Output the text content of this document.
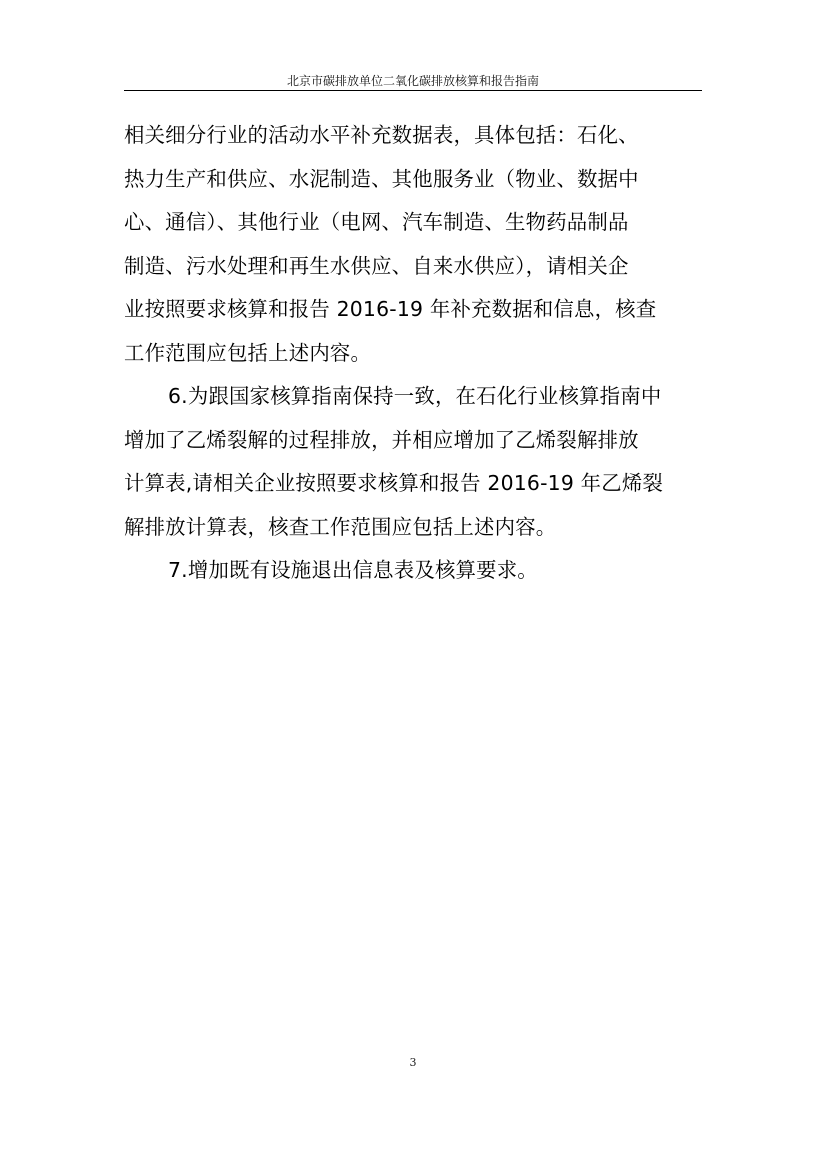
北京市碳排放单位二氧化碳排放核算和报告指南
相关细分行业的活动水平补充数据表，具体包括：石化、
热力生产和供应、水泥制造、其他服务业（物业、数据中
心、通信）、其他行业（电网、汽车制造、生物药品制品
制造、污水处理和再生水供应、自来水供应），请相关企
业按照要求核算和报告 2016-19 年补充数据和信息，核查
工作范围应包括上述内容。
6.为跟国家核算指南保持一致，在石化行业核算指南中
增加了乙烯裂解的过程排放，并相应增加了乙烯裂解排放
计算表,请相关企业按照要求核算和报告 2016-19 年乙烯裂
解排放计算表，核查工作范围应包括上述内容。
7.增加既有设施退出信息表及核算要求。
3
